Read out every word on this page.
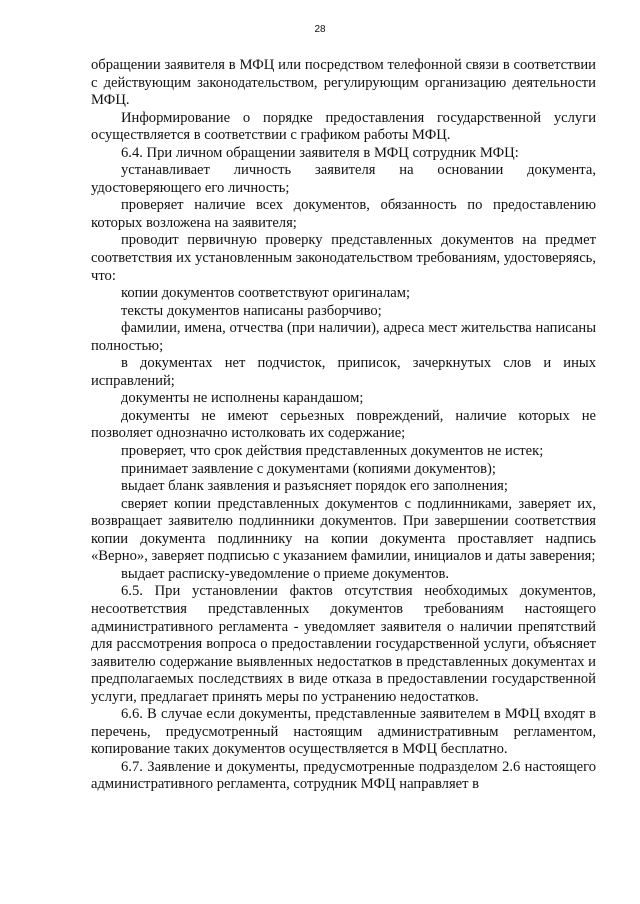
28

обращении заявителя в МФЦ или посредством телефонной связи в соответствии с действующим законодательством, регулирующим организацию деятельности МФЦ.

Информирование о порядке предоставления государственной услуги осуществляется в соответствии с графиком работы МФЦ.

6.4. При личном обращении заявителя в МФЦ сотрудник МФЦ:

устанавливает личность заявителя на основании документа, удостоверяющего его личность;

проверяет наличие всех документов, обязанность по предоставлению которых возложена на заявителя;

проводит первичную проверку представленных документов на предмет соответствия их установленным законодательством требованиям, удостоверяясь, что:

копии документов соответствуют оригиналам;

тексты документов написаны разборчиво;

фамилии, имена, отчества (при наличии), адреса мест жительства написаны полностью;

в документах нет подчисток, приписок, зачеркнутых слов и иных исправлений;

документы не исполнены карандашом;

документы не имеют серьезных повреждений, наличие которых не позволяет однозначно истолковать их содержание;

проверяет, что срок действия представленных документов не истек;

принимает заявление с документами (копиями документов);

выдает бланк заявления и разъясняет порядок его заполнения;

сверяет копии представленных документов с подлинниками, заверяет их, возвращает заявителю подлинники документов. При завершении соответствия копии документа подлиннику на копии документа проставляет надпись «Верно», заверяет подписью с указанием фамилии, инициалов и даты заверения;

выдает расписку-уведомление о приеме документов.

6.5. При установлении фактов отсутствия необходимых документов, несоответствия представленных документов требованиям настоящего административного регламента - уведомляет заявителя о наличии препятствий для рассмотрения вопроса о предоставлении государственной услуги, объясняет заявителю содержание выявленных недостатков в представленных документах и предполагаемых последствиях в виде отказа в предоставлении государственной услуги, предлагает принять меры по устранению недостатков.

6.6. В случае если документы, представленные заявителем в МФЦ входят в перечень, предусмотренный настоящим административным регламентом, копирование таких документов осуществляется в МФЦ бесплатно.

6.7. Заявление и документы, предусмотренные подразделом 2.6 настоящего административного регламента, сотрудник МФЦ направляет в
